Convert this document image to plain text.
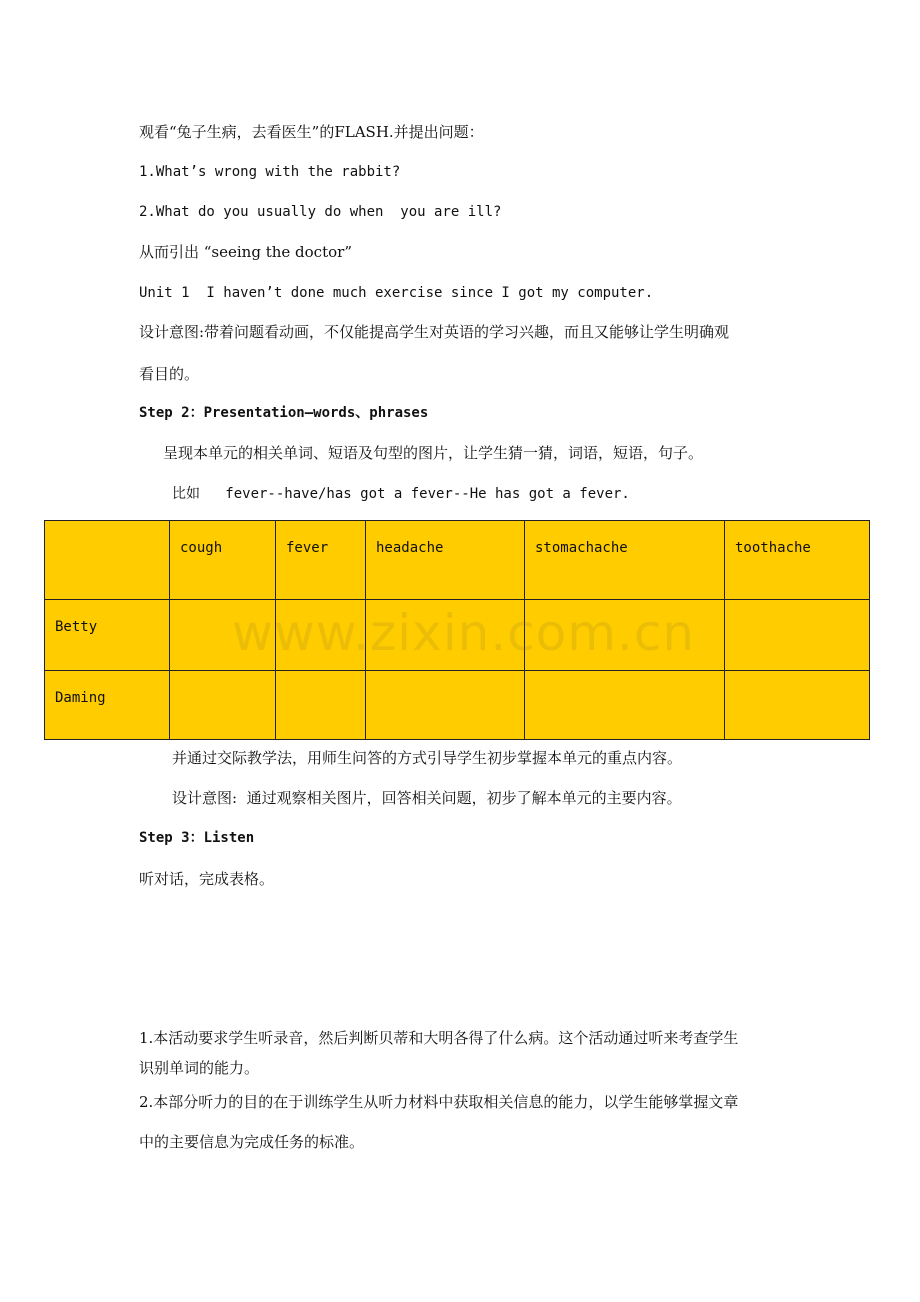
观看“兔子生病，去看医生”的FLASH.并提出问题：
1.What’s wrong with the rabbit?
2.What do you usually do when  you are ill?
从而引出 “seeing the doctor”
Unit 1  I haven’t done much exercise since I got my computer.
设计意图:带着问题看动画，不仅能提高学生对英语的学习兴趣，而且又能够让学生明确观
看目的。
Step 2：Presentation—words、phrases
呈现本单元的相关单词、短语及句型的图片，让学生猜一猜，词语，短语，句子。
比如   fever--have/has got a fever--He has got a fever.
	cough	fever	headache	stomachache	toothache
Betty					
Daming					
并通过交际教学法，用师生问答的方式引导学生初步掌握本单元的重点内容。
设计意图:  通过观察相关图片，回答相关问题，初步了解本单元的主要内容。
Step 3：Listen
听对话，完成表格。
1.本活动要求学生听录音，然后判断贝蒂和大明各得了什么病。这个活动通过听来考查学生
识别单词的能力。
2.本部分听力的目的在于训练学生从听力材料中获取相关信息的能力，以学生能够掌握文章
中的主要信息为完成任务的标准。
